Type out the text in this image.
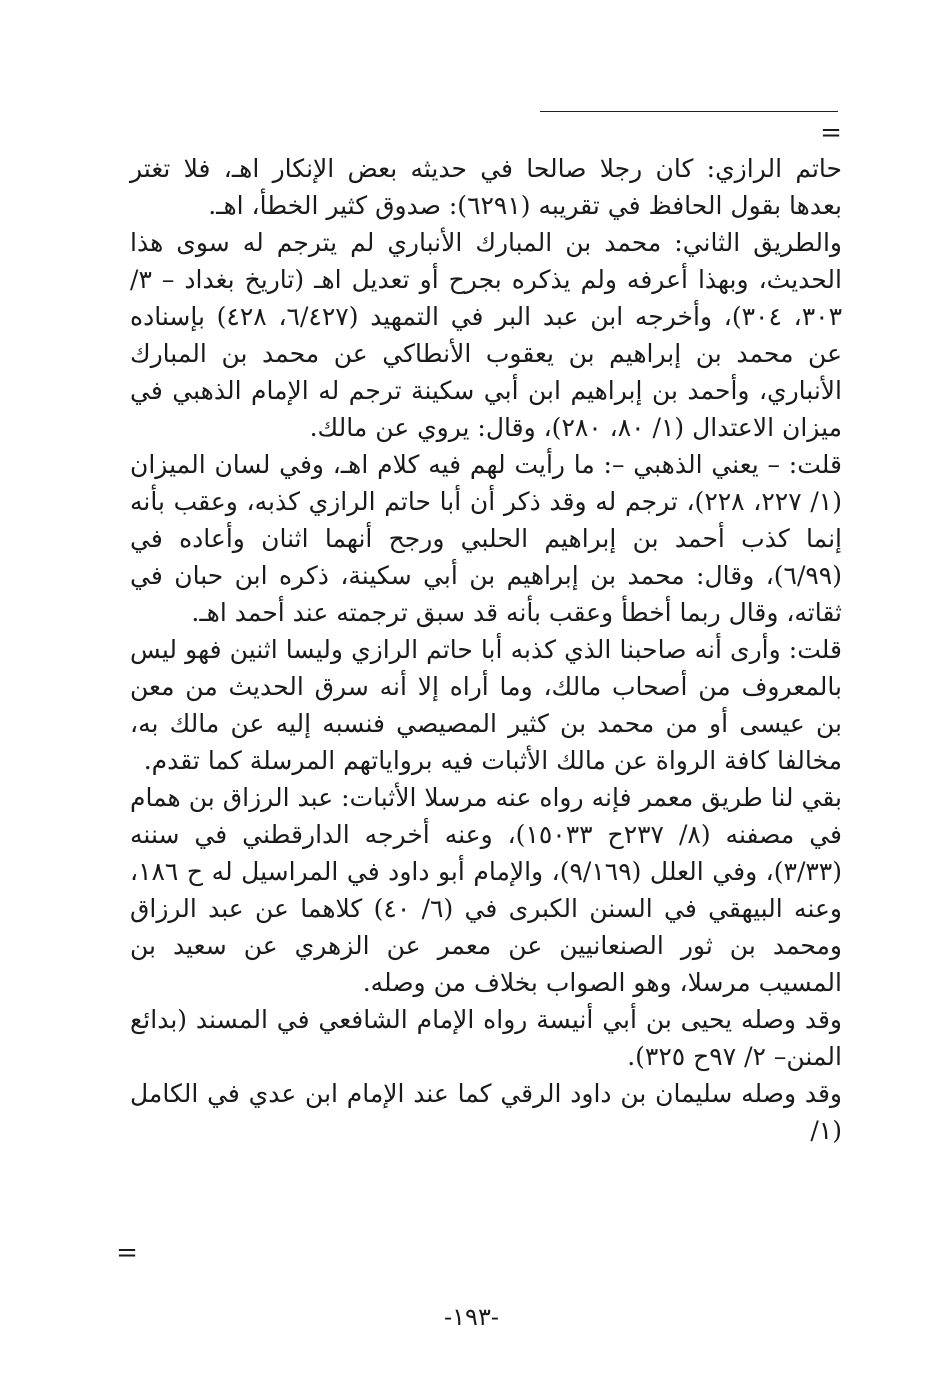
=

حاتم الرازي: كان رجلا صالحا في حديثه بعض الإنكار اهـ، فلا تغتر بعدها بقول الحافظ في تقريبه (٦٢٩١): صدوق كثير الخطأ، اهـ.

والطريق الثاني: محمد بن المبارك الأنباري لم يترجم له سوى هذا الحديث، وبهذا أعرفه ولم يذكره بجرح أو تعديل اهـ (تاريخ بغداد – ٣/ ٣٠٣، ٣٠٤)، وأخرجه ابن عبد البر في التمهيد (٦/٤٢٧، ٤٢٨) بإسناده عن محمد بن إبراهيم بن يعقوب الأنطاكي عن محمد بن المبارك الأنباري، وأحمد بن إبراهيم ابن أبي سكينة ترجم له الإمام الذهبي في ميزان الاعتدال (١/ ٨٠، ٢٨٠)، وقال: يروي عن مالك.

قلت: – يعني الذهبي –: ما رأيت لهم فيه كلام اهـ، وفي لسان الميزان (١/ ٢٢٧، ٢٢٨)، ترجم له وقد ذكر أن أبا حاتم الرازي كذبه، وعقب بأنه إنما كذب أحمد بن إبراهيم الحلبي ورجح أنهما اثنان وأعاده في (٦/٩٩)، وقال: محمد بن إبراهيم بن أبي سكينة، ذكره ابن حبان في ثقاته، وقال ربما أخطأ وعقب بأنه قد سبق ترجمته عند أحمد اهـ.

قلت: وأرى أنه صاحبنا الذي كذبه أبا حاتم الرازي وليسا اثنين فهو ليس بالمعروف من أصحاب مالك، وما أراه إلا أنه سرق الحديث من معن بن عيسى أو من محمد بن كثير المصيصي فنسبه إليه عن مالك به، مخالفا كافة الرواة عن مالك الأثبات فيه برواياتهم المرسلة كما تقدم.

بقي لنا طريق معمر فإنه رواه عنه مرسلا الأثبات: عبد الرزاق بن همام في مصفنه (٨/ ٢٣٧ح ١٥٠٣٣)، وعنه أخرجه الدارقطني في سننه (٣/٣٣)، وفي العلل (٩/١٦٩)، والإمام أبو داود في المراسيل له ح ١٨٦، وعنه البيهقي في السنن الكبرى في (٦/ ٤٠) كلاهما عن عبد الرزاق ومحمد بن ثور الصنعانيين عن معمر عن الزهري عن سعيد بن المسيب مرسلا، وهو الصواب بخلاف من وصله.

وقد وصله يحيى بن أبي أنيسة رواه الإمام الشافعي في المسند (بدائع المنن– ٢/ ٩٧ح ٣٢٥).

وقد وصله سليمان بن داود الرقي كما عند الإمام ابن عدي في الكامل (١/

=
-١٩٣-
